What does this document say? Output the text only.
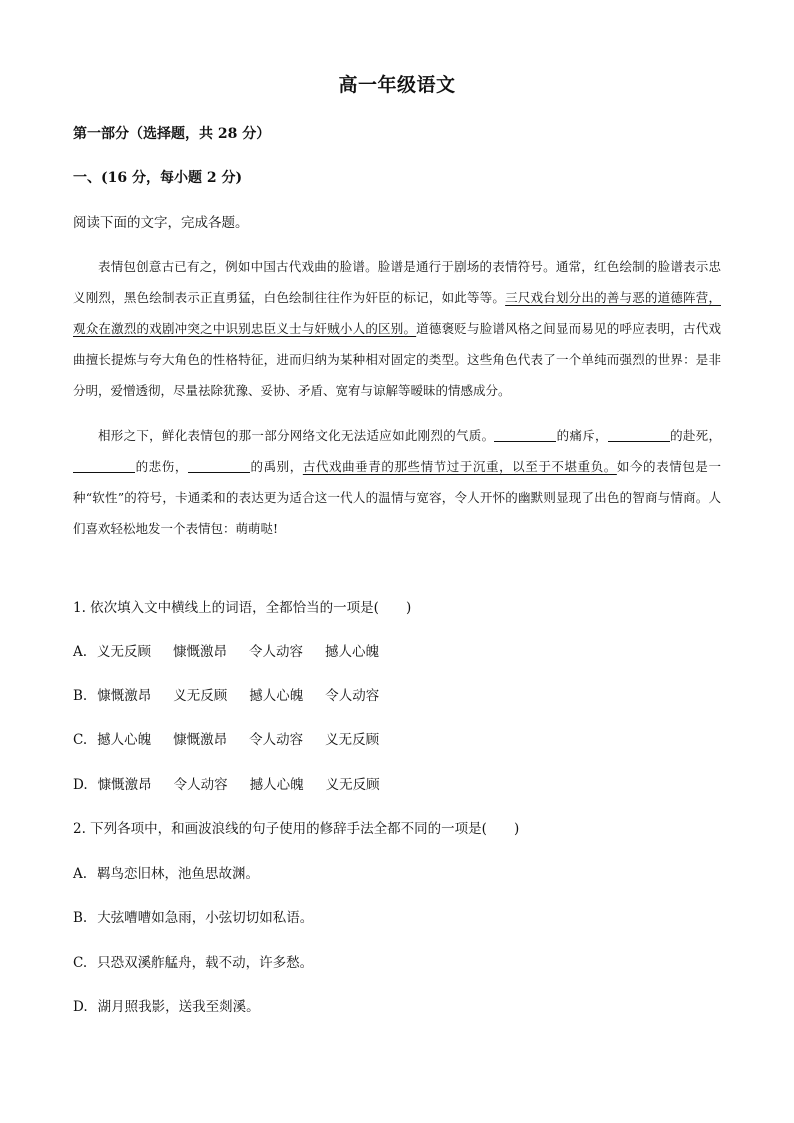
高一年级语文
第一部分（选择题，共 28 分）
一、(16 分，每小题 2 分)
阅读下面的文字，完成各题。

表情包创意古已有之，例如中国古代戏曲的脸谱。脸谱是通行于剧场的表情符号。通常，红色绘制的脸谱表示忠义刚烈，黑色绘制表示正直勇猛，白色绘制往往作为奸臣的标记，如此等等。三尺戏台划分出的善与恶的道德阵营，观众在激烈的戏剧冲突之中识别忠臣义士与奸贼小人的区别。道德褒贬与脸谱风格之间显而易见的呼应表明，古代戏曲擅长提炼与夸大角色的性格特征，进而归纳为某种相对固定的类型。这些角色代表了一个单纯而强烈的世界：是非分明，爱憎透彻，尽量祛除犹豫、妥协、矛盾、宽宥与谅解等暧昧的情感成分。

相形之下，鲜化表情包的那一部分网络文化无法适应如此刚烈的气质。	的痛斥，	的赴死，的悲伤，	的禹别，古代戏曲垂青的那些情节过于沉重，以至于不堪重负。如今的表情包是一种“软性”的符号，卡通柔和的表达更为适合这一代人的温情与宽容，令人开怀的幽默则显现了出色的智商与情商。人们喜欢轻松地发一个表情包：萌萌哒!

1. 依次填入文中横线上的词语，全都恰当的一项是(　　)
A. 义无反顾 慷慨激昂 令人动容 撼人心魄
B. 慷慨激昂 义无反顾 撼人心魄 令人动容
C. 撼人心魄 慷慨激昂 令人动容 义无反顾
D. 慷慨激昂 令人动容 撼人心魄 义无反顾
2. 下列各项中，和画波浪线的句子使用的修辞手法全都不同的一项是(　　)
A. 羁鸟恋旧林，池鱼思故渊。
B. 大弦嘈嘈如急雨，小弦切切如私语。
C. 只恐双溪舴艋舟，载不动，许多愁。
D. 湖月照我影，送我至剡溪。
